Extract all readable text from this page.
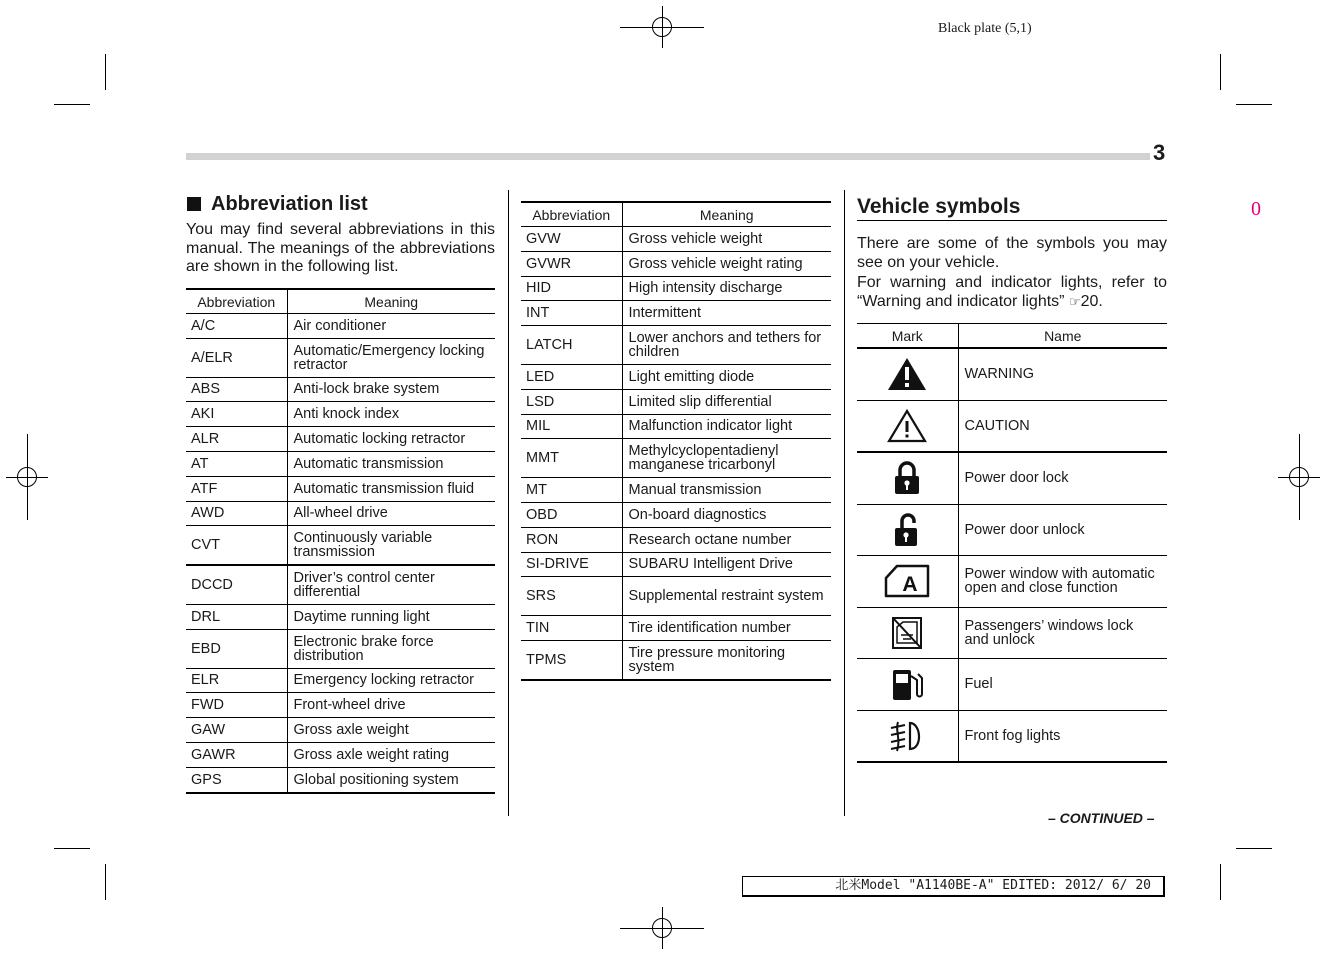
Black plate (5,1)
3
0
Abbreviation list
You may find several abbreviations in this manual. The meanings of the abbreviations are shown in the following list.
Abbreviation	Meaning
A/C	Air conditioner
A/ELR	Automatic/Emergency locking retractor
ABS	Anti-lock brake system
AKI	Anti knock index
ALR	Automatic locking retractor
AT	Automatic transmission
ATF	Automatic transmission fluid
AWD	All-wheel drive
CVT	Continuously variable transmission
DCCD	Driver’s control center differential
DRL	Daytime running light
EBD	Electronic brake force distribution
ELR	Emergency locking retractor
FWD	Front-wheel drive
GAW	Gross axle weight
GAWR	Gross axle weight rating
GPS	Global positioning system
Abbreviation	Meaning
GVW	Gross vehicle weight
GVWR	Gross vehicle weight rating
HID	High intensity discharge
INT	Intermittent
LATCH	Lower anchors and tethers for children
LED	Light emitting diode
LSD	Limited slip differential
MIL	Malfunction indicator light
MMT	Methylcyclopentadienyl manganese tricarbonyl
MT	Manual transmission
OBD	On-board diagnostics
RON	Research octane number
SI-DRIVE	SUBARU Intelligent Drive
SRS	Supplemental restraint system
TIN	Tire identification number
TPMS	Tire pressure monitoring system
Vehicle symbols
There are some of the symbols you may see on your vehicle.
For warning and indicator lights, refer to “Warning and indicator lights” ☞20.
Mark	Name
	WARNING
	CAUTION
	Power door lock
	Power door unlock

A	Power window with automatic open and close function
	Passengers’ windows lock and unlock
	Fuel
	Front fog lights
– CONTINUED –
北米Model "A1140BE-A" EDITED: 2012/ 6/ 20
